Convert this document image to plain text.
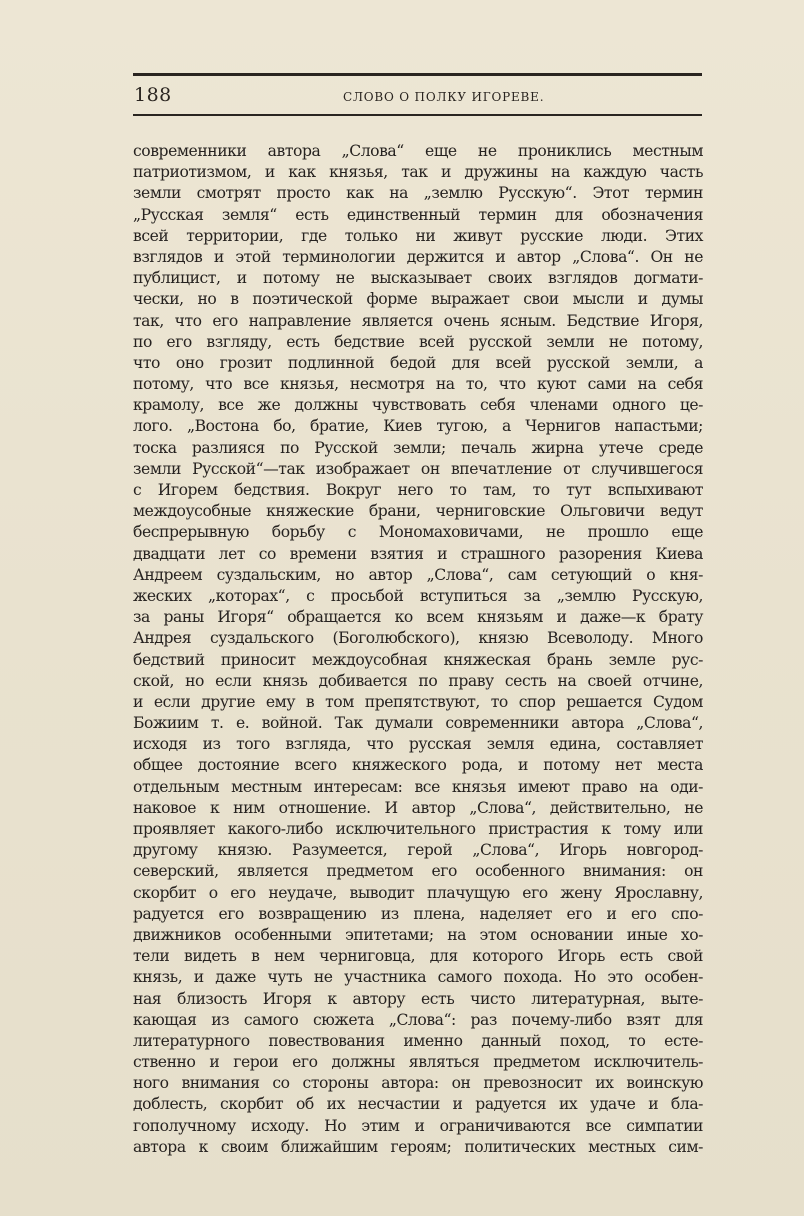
188	СЛОВО О ПОЛКУ ИГОРЕВЕ.
современники автора „Слова“ еще не прониклись местным
патриотизмом, и как князья, так и дружины на каждую часть
земли смотрят просто как на „землю Русскую“. Этот термин
„Русская земля“ есть единственный термин для обозначения
всей территории, где только ни живут русские люди. Этих
взглядов и этой терминологии держится и автор „Слова“. Он не
публицист, и потому не высказывает своих взглядов догмати-
чески, но в поэтической форме выражает свои мысли и думы
так, что его направление является очень ясным. Бедствие Игоря,
по его взгляду, есть бедствие всей русской земли не потому,
что оно грозит подлинной бедой для всей русской земли, а
потому, что все князья, несмотря на то, что куют сами на себя
крамолу, все же должны чувствовать себя членами одного це-
лого. „Востона бо, братие, Киев тугою, а Чернигов напастьми;
тоска разлияся по Русской земли; печаль жирна утече среде
земли Русской“—так изображает он впечатление от случившегося
с Игорем бедствия. Вокруг него то там, то тут вспыхивают
междоусобные княжеские брани, черниговские Ольговичи ведут
беспрерывную борьбу с Мономаховичами, не прошло еще
двадцати лет со времени взятия и страшного разорения Киева
Андреем суздальским, но автор „Слова“, сам сетующий о кня-
жеских „которах“, с просьбой вступиться за „землю Русскую,
за раны Игоря“ обращается ко всем князьям и даже—к брату
Андрея суздальского (Боголюбского), князю Всеволоду. Много
бедствий приносит междоусобная княжеская брань земле рус-
ской, но если князь добивается по праву сесть на своей отчине,
и если другие ему в том препятствуют, то спор решается Судом
Божиим т. е. войной. Так думали современники автора „Слова“,
исходя из того взгляда, что русская земля едина, составляет
общее достояние всего княжеского рода, и потому нет места
отдельным местным интересам: все князья имеют право на оди-
наковое к ним отношение. И автор „Слова“, действительно, не
проявляет какого-либо исключительного пристрастия к тому или
другому князю. Разумеется, герой „Слова“, Игорь новгород-
северский, является предметом его особенного внимания: он
скорбит о его неудаче, выводит плачущую его жену Ярославну,
радуется его возвращению из плена, наделяет его и его спо-
движников особенными эпитетами; на этом основании иные хо-
тели видеть в нем черниговца, для которого Игорь есть свой
князь, и даже чуть не участника самого похода. Но это особен-
ная близость Игоря к автору есть чисто литературная, выте-
кающая из самого сюжета „Слова“: раз почему-либо взят для
литературного повествования именно данный поход, то есте-
ственно и герои его должны являться предметом исключитель-
ного внимания со стороны автора: он превозносит их воинскую
доблесть, скорбит об их несчастии и радуется их удаче и бла-
гополучному исходу. Но этим и ограничиваются все симпатии
автора к своим ближайшим героям; политических местных сим-
